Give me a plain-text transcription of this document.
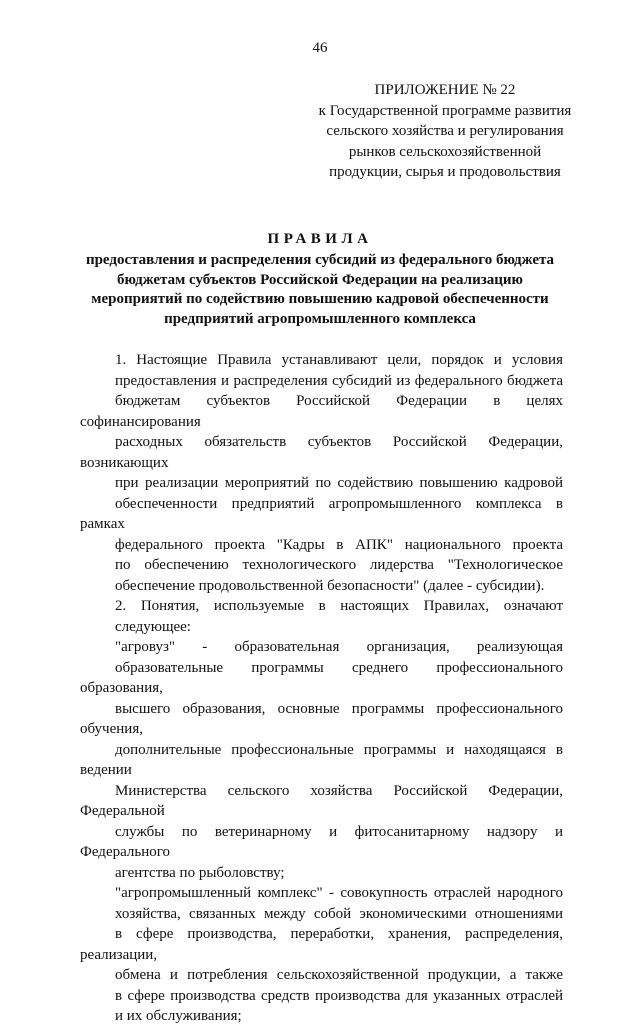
46
ПРИЛОЖЕНИЕ № 22
к Государственной программе развития
сельского хозяйства и регулирования
рынков сельскохозяйственной
продукции, сырья и продовольствия
ПРАВИЛА
предоставления и распределения субсидий из федерального бюджета
бюджетам субъектов Российской Федерации на реализацию
мероприятий по содействию повышению кадровой обеспеченности
предприятий агропромышленного комплекса
1. Настоящие Правила устанавливают цели, порядок и условия
предоставления и распределения субсидий из федерального бюджета
бюджетам субъектов Российской Федерации в целях софинансирования
расходных обязательств субъектов Российской Федерации, возникающих
при реализации мероприятий по содействию повышению кадровой
обеспеченности предприятий агропромышленного комплекса в рамках
федерального проекта "Кадры в АПК" национального проекта
по обеспечению технологического лидерства "Технологическое
обеспечение продовольственной безопасности" (далее - субсидии).
2. Понятия, используемые в настоящих Правилах, означают
следующее:
"агровуз" - образовательная организация, реализующая
образовательные программы среднего профессионального образования,
высшего образования, основные программы профессионального обучения,
дополнительные профессиональные программы и находящаяся в ведении
Министерства сельского хозяйства Российской Федерации, Федеральной
службы по ветеринарному и фитосанитарному надзору и Федерального
агентства по рыболовству;
"агропромышленный комплекс" - совокупность отраслей народного
хозяйства, связанных между собой экономическими отношениями
в сфере производства, переработки, хранения, распределения, реализации,
обмена и потребления сельскохозяйственной продукции, а также
в сфере производства средств производства для указанных отраслей
и их обслуживания;
